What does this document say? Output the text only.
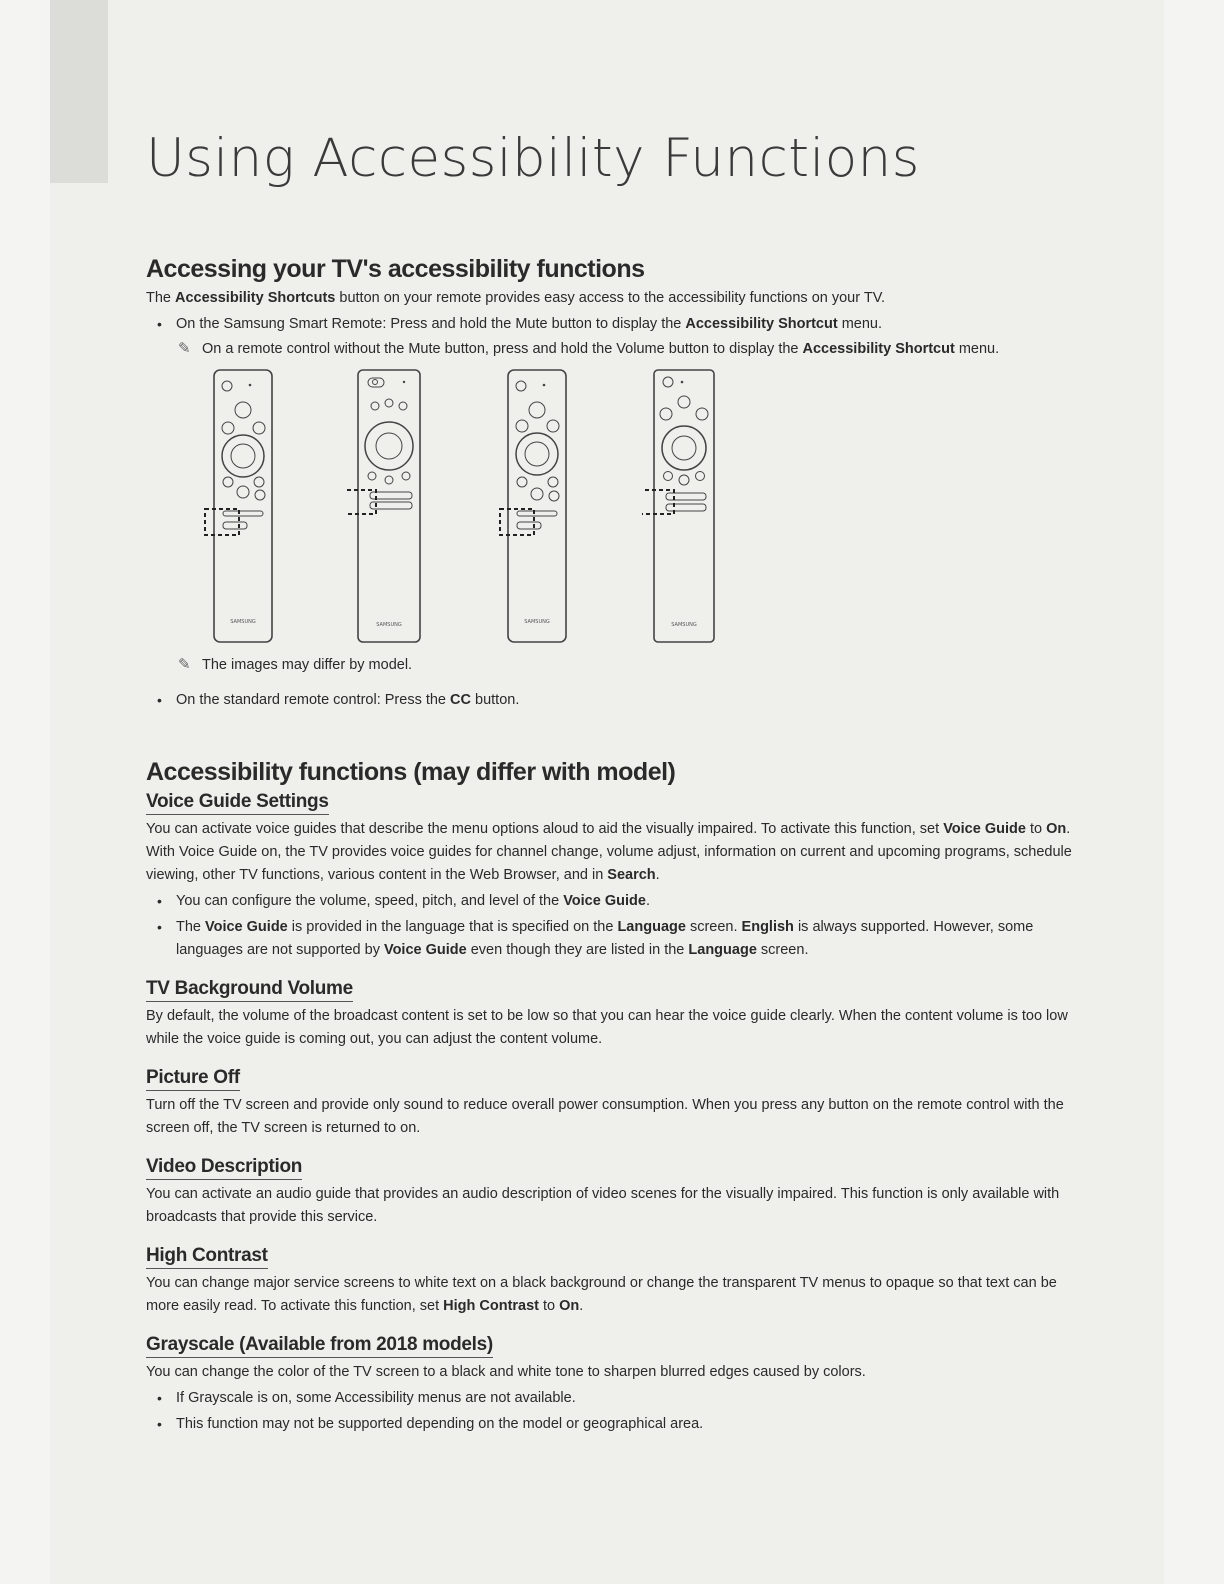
Using Accessibility Functions
Accessing your TV's accessibility functions

The Accessibility Shortcuts button on your remote provides easy access to the accessibility functions on your TV.

• On the Samsung Smart Remote: Press and hold the Mute button to display the Accessibility Shortcut menu.
✎ On a remote control without the Mute button, press and hold the Volume button to display the Accessibility Shortcut menu.
SAMSUNG	SAMSUNG	SAMSUNG	SAMSUNG
✎ The images may differ by model.
• On the standard remote control: Press the CC button.
Accessibility functions (may differ with model)
Voice Guide Settings

You can activate voice guides that describe the menu options aloud to aid the visually impaired. To activate this function, set Voice Guide to On. With Voice Guide on, the TV provides voice guides for channel change, volume adjust, information on current and upcoming programs, schedule viewing, other TV functions, various content in the Web Browser, and in Search.

• You can configure the volume, speed, pitch, and level of the Voice Guide.
• The Voice Guide is provided in the language that is specified on the Language screen. English is always supported. However, some languages are not supported by Voice Guide even though they are listed in the Language screen.
TV Background Volume

By default, the volume of the broadcast content is set to be low so that you can hear the voice guide clearly. When the content volume is too low while the voice guide is coming out, you can adjust the content volume.

Picture Off

Turn off the TV screen and provide only sound to reduce overall power consumption. When you press any button on the remote control with the screen off, the TV screen is returned to on.

Video Description

You can activate an audio guide that provides an audio description of video scenes for the visually impaired. This function is only available with broadcasts that provide this service.

High Contrast

You can change major service screens to white text on a black background or change the transparent TV menus to opaque so that text can be more easily read. To activate this function, set High Contrast to On.

Grayscale (Available from 2018 models)

You can change the color of the TV screen to a black and white tone to sharpen blurred edges caused by colors.

• If Grayscale is on, some Accessibility menus are not available.
• This function may not be supported depending on the model or geographical area.
